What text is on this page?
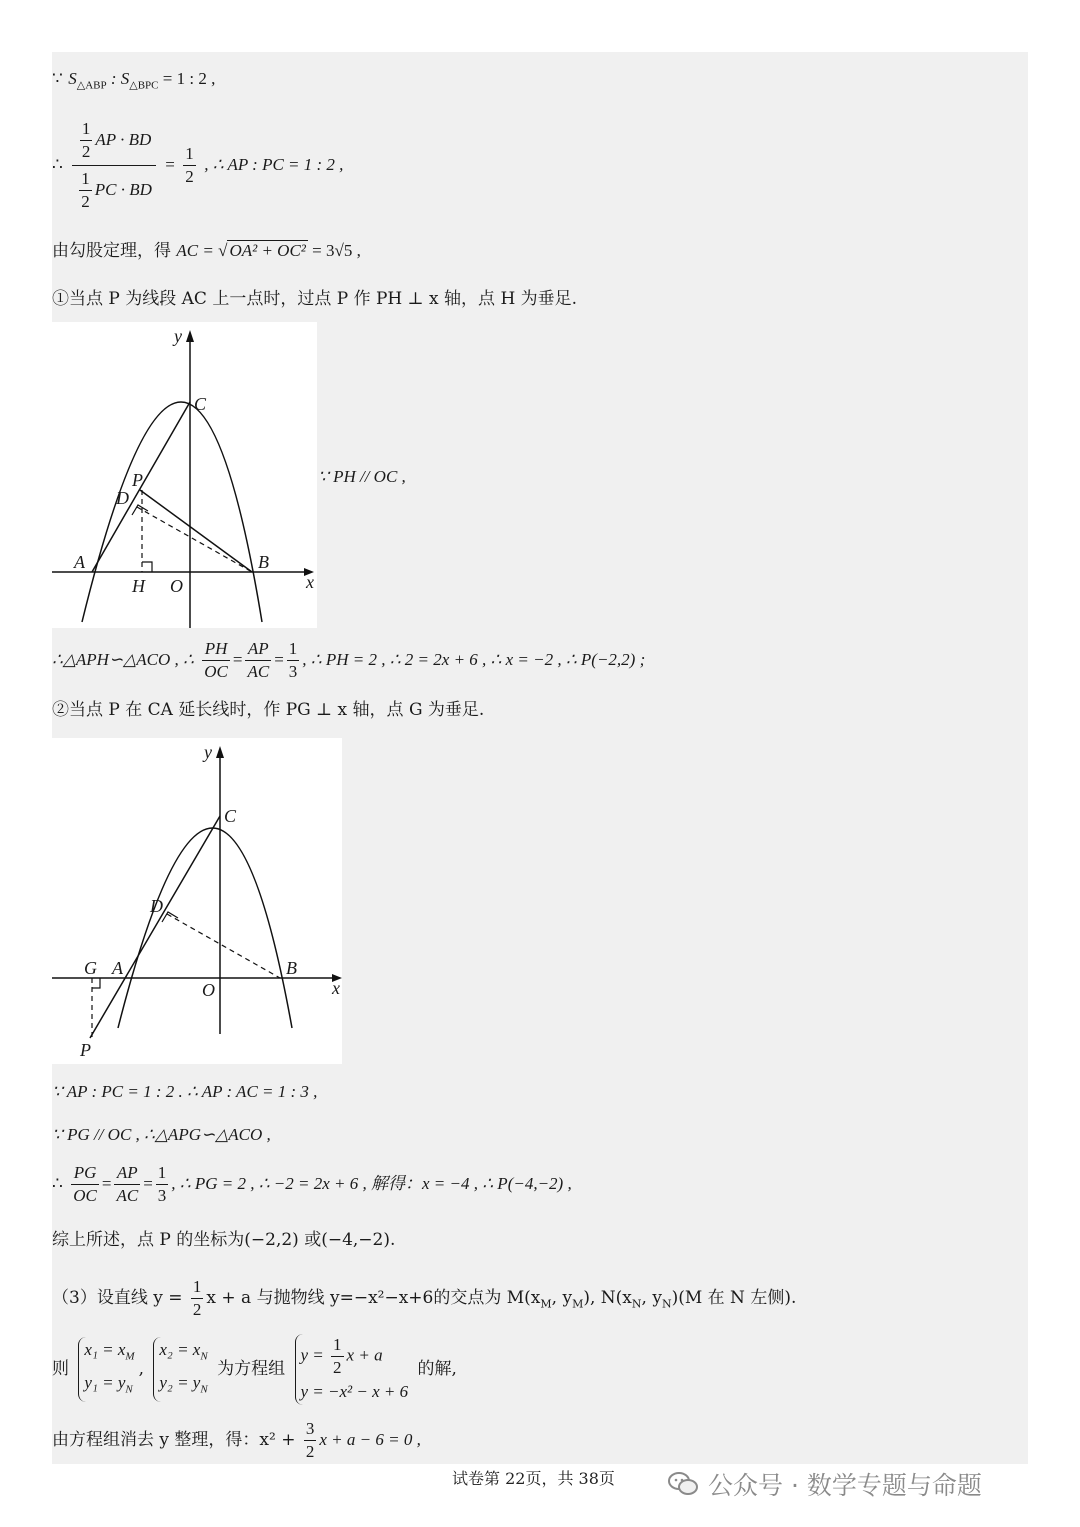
∵ $S_{\triangle ABP}$ : $S_{\triangle BPC} = 1$ : 2 ,
∴ $\frac{\frac{1}{2} AP \cdot BD}{\frac{1}{2} PC \cdot BD} = \frac{1}{2}$ , ∴ AP : PC = 1 : 2 ,
由勾股定理，得 AC = √ OA² + OC² = 3√5 ,
①当点 P 为线段 AC 上一点时，过点 P 作 PH ⊥ x 轴，点 H 为垂足.
y
x
C
P
D
A	B
H O
∵ PH // OC ,
∴△APH∽△ACO , ∴ $\frac{PH}{OC} = \frac{AP}{AC} = \frac{1}{3}$ , ∴ PH = 2 , ∴ 2 = 2x + 6 , ∴ x = −2 , ∴ P(−2,2) ;
②当点 P 在 CA 延长线时，作 PG ⊥ x 轴，点 G 为垂足.
y
x
C
D
G A	B
O
P
∵ AP : PC = 1 : 2 . ∴ AP : AC = 1 : 3 ,
∵ PG // OC , ∴△APG∽△ACO ,
∴ $\frac{PG}{OC} = \frac{AP}{AC} = \frac{1}{3}$ , ∴ PG = 2 , ∴ −2 = 2x + 6 , 解得：x = −4 , ∴ P(−4,−2) ,
综上所述，点 P 的坐标为(−2,2) 或(−4,−2).
（3）设直线 $y = \frac{1}{2}$ x + a 与抛物线 y=−x²−x+6的交点为 $M(x_M$, $y_M$), $N(x_N$, $y_N)(M$ 在 N 左侧).
则
$x_1 = x_M$
$y_1 = y_N$
,
$x_2 = x_N$
$y_2 = y_N$
为方程组
$y = \frac{1}{2}$ x + a
y = −x² − x + 6
的解,
由方程组消去 y 整理，得：$x^2 + \frac{3}{2}$ x + a − 6 = 0 ,
试卷第 22页，共 38页	公众号 · 数学专题与命题
